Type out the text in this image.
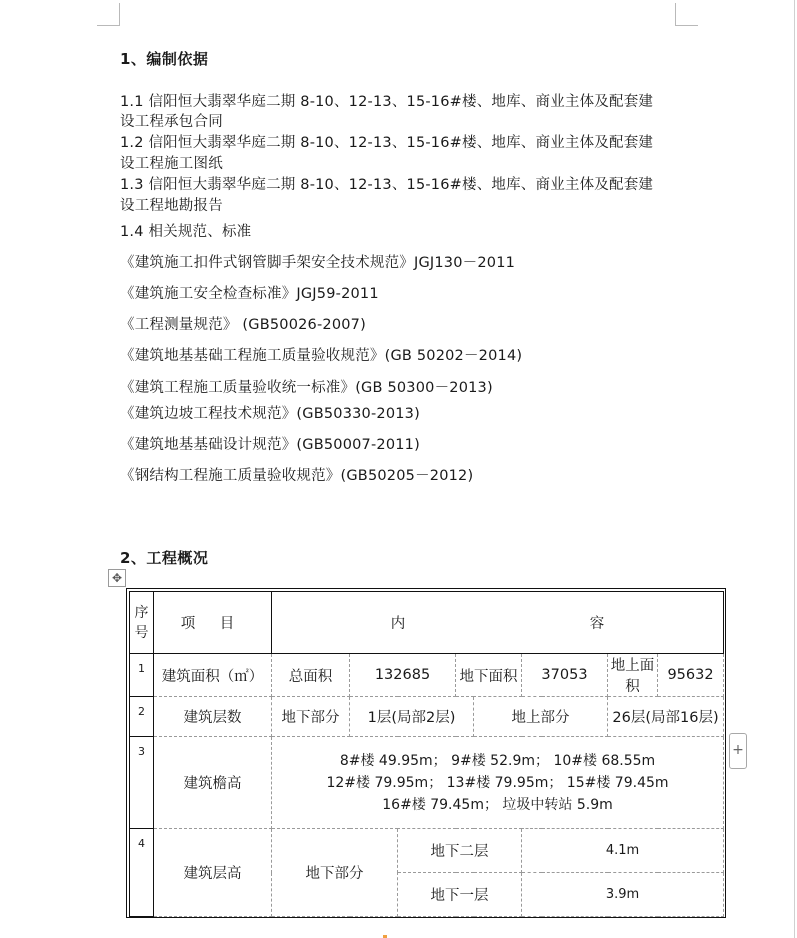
1、编制依据
1.1 信阳恒大翡翠华庭二期 8-10、12-13、15-16#楼、地库、商业主体及配套建
设工程承包合同
1.2 信阳恒大翡翠华庭二期 8-10、12-13、15-16#楼、地库、商业主体及配套建
设工程施工图纸
1.3 信阳恒大翡翠华庭二期 8-10、12-13、15-16#楼、地库、商业主体及配套建
设工程地勘报告
1.4 相关规范、标准
《建筑施工扣件式钢管脚手架安全技术规范》JGJ130－2011
《建筑施工安全检查标准》JGJ59-2011
《工程测量规范》 (GB50026-2007)
《建筑地基基础工程施工质量验收规范》(GB 50202－2014)
《建筑工程施工质量验收统一标准》(GB 50300－2013)
《建筑边坡工程技术规范》(GB50330-2013)
《建筑地基基础设计规范》(GB50007-2011)
《钢结构工程施工质量验收规范》(GB50205－2012)
2、工程概况
✥
序号	项 目	内 容							
1	建筑面积（㎡）	总面积	132685		地下面积		37053	地上面积	95632
2	建筑层数	地下部分	1层(局部2层)			地上部分		26层(局部16层)	
3	建筑檐高	8#楼 49.95m； 9#楼 52.9m； 10#楼 68.55m
12#楼 79.95m； 13#楼 79.95m； 15#楼 79.45m
16#楼 79.45m； 垃圾中转站 5.9m							

4	建筑层高	地下部分		地下二层			4.1m		
				地下一层			3.9m		
+
